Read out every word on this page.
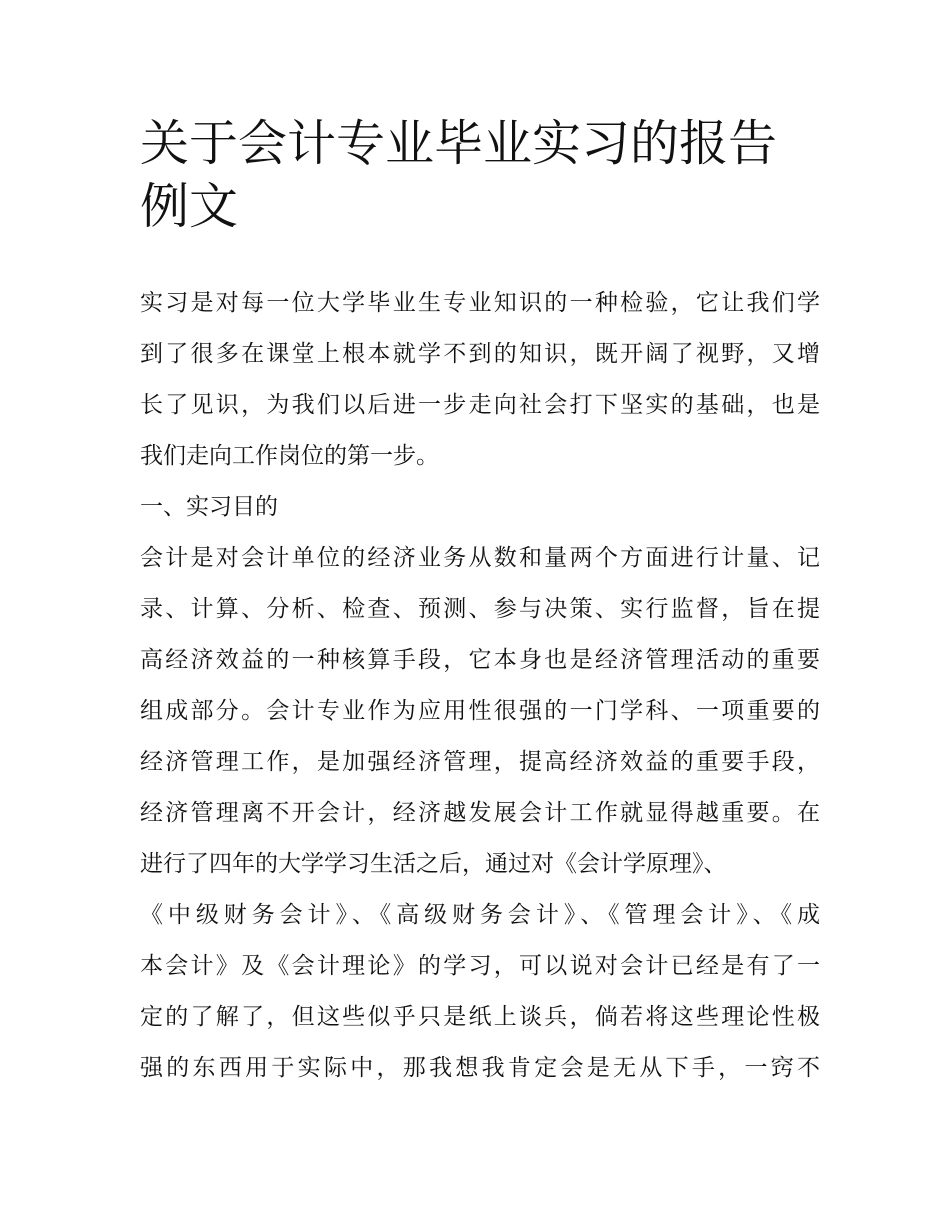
关于会计专业毕业实习的报告
例文
实习是对每一位大学毕业生专业知识的一种检验，它让我们学
到了很多在课堂上根本就学不到的知识，既开阔了视野，又增
长了见识，为我们以后进一步走向社会打下坚实的基础，也是
我们走向工作岗位的第一步。
一、实习目的
会计是对会计单位的经济业务从数和量两个方面进行计量、记
录、计算、分析、检查、预测、参与决策、实行监督，旨在提
高经济效益的一种核算手段，它本身也是经济管理活动的重要
组成部分。会计专业作为应用性很强的一门学科、一项重要的
经济管理工作，是加强经济管理，提高经济效益的重要手段，
经济管理离不开会计，经济越发展会计工作就显得越重要。在
进行了四年的大学学习生活之后，通过对《会计学原理》、
《中级财务会计》、《高级财务会计》、《管理会计》、《成
本会计》及《会计理论》的学习，可以说对会计已经是有了一
定的了解了，但这些似乎只是纸上谈兵，倘若将这些理论性极
强的东西用于实际中，那我想我肯定会是无从下手，一窍不
